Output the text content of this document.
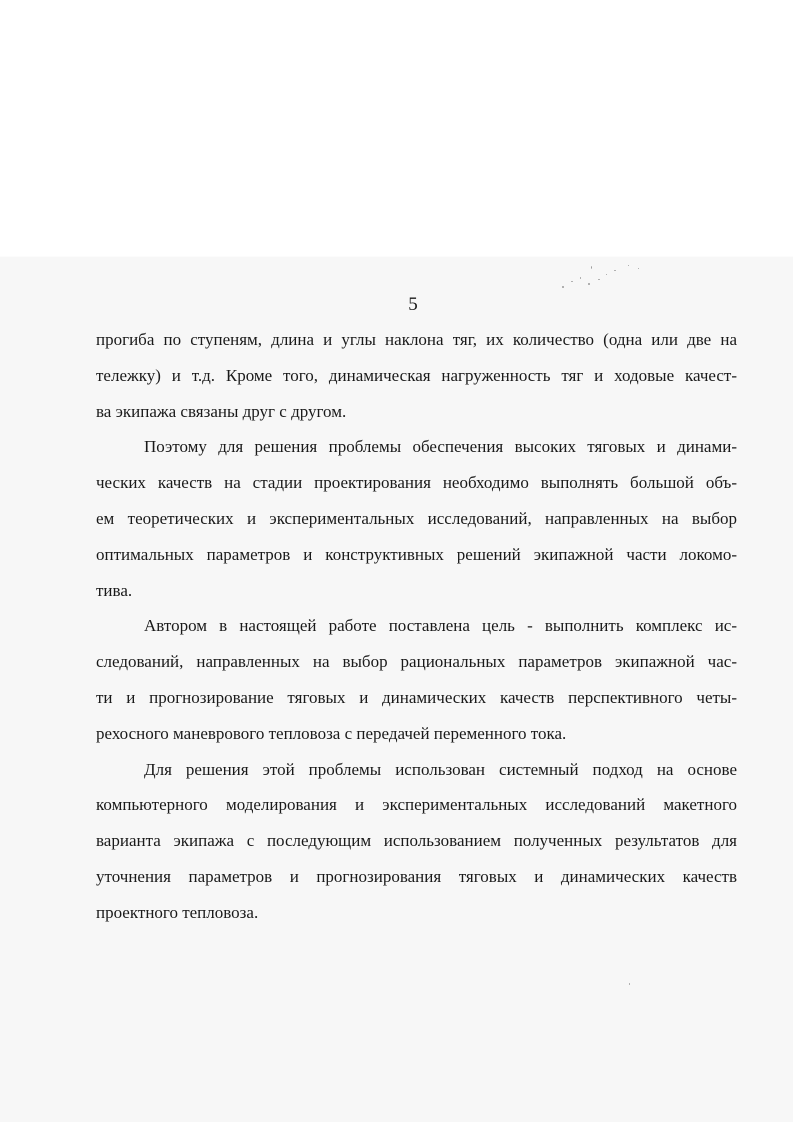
5
прогиба по ступеням, длина и углы наклона тяг, их количество (одна или две на
тележку) и т.д. Кроме того, динамическая нагруженность тяг и ходовые качест-
ва экипажа связаны друг с другом.
Поэтому для решения проблемы обеспечения высоких тяговых и динами-
ческих качеств на стадии проектирования необходимо выполнять большой объ-
ем теоретических и экспериментальных исследований, направленных на выбор
оптимальных параметров и конструктивных решений экипажной части локомо-
тива.
Автором в настоящей работе поставлена цель - выполнить комплекс ис-
следований, направленных на выбор рациональных параметров экипажной час-
ти и прогнозирование тяговых и динамических качеств перспективного четы-
рехосного маневрового тепловоза с передачей переменного тока.
Для решения этой проблемы использован системный подход на основе
компьютерного моделирования и экспериментальных исследований макетного
варианта экипажа с последующим использованием полученных результатов для
уточнения параметров и прогнозирования тяговых и динамических качеств
проектного тепловоза.
